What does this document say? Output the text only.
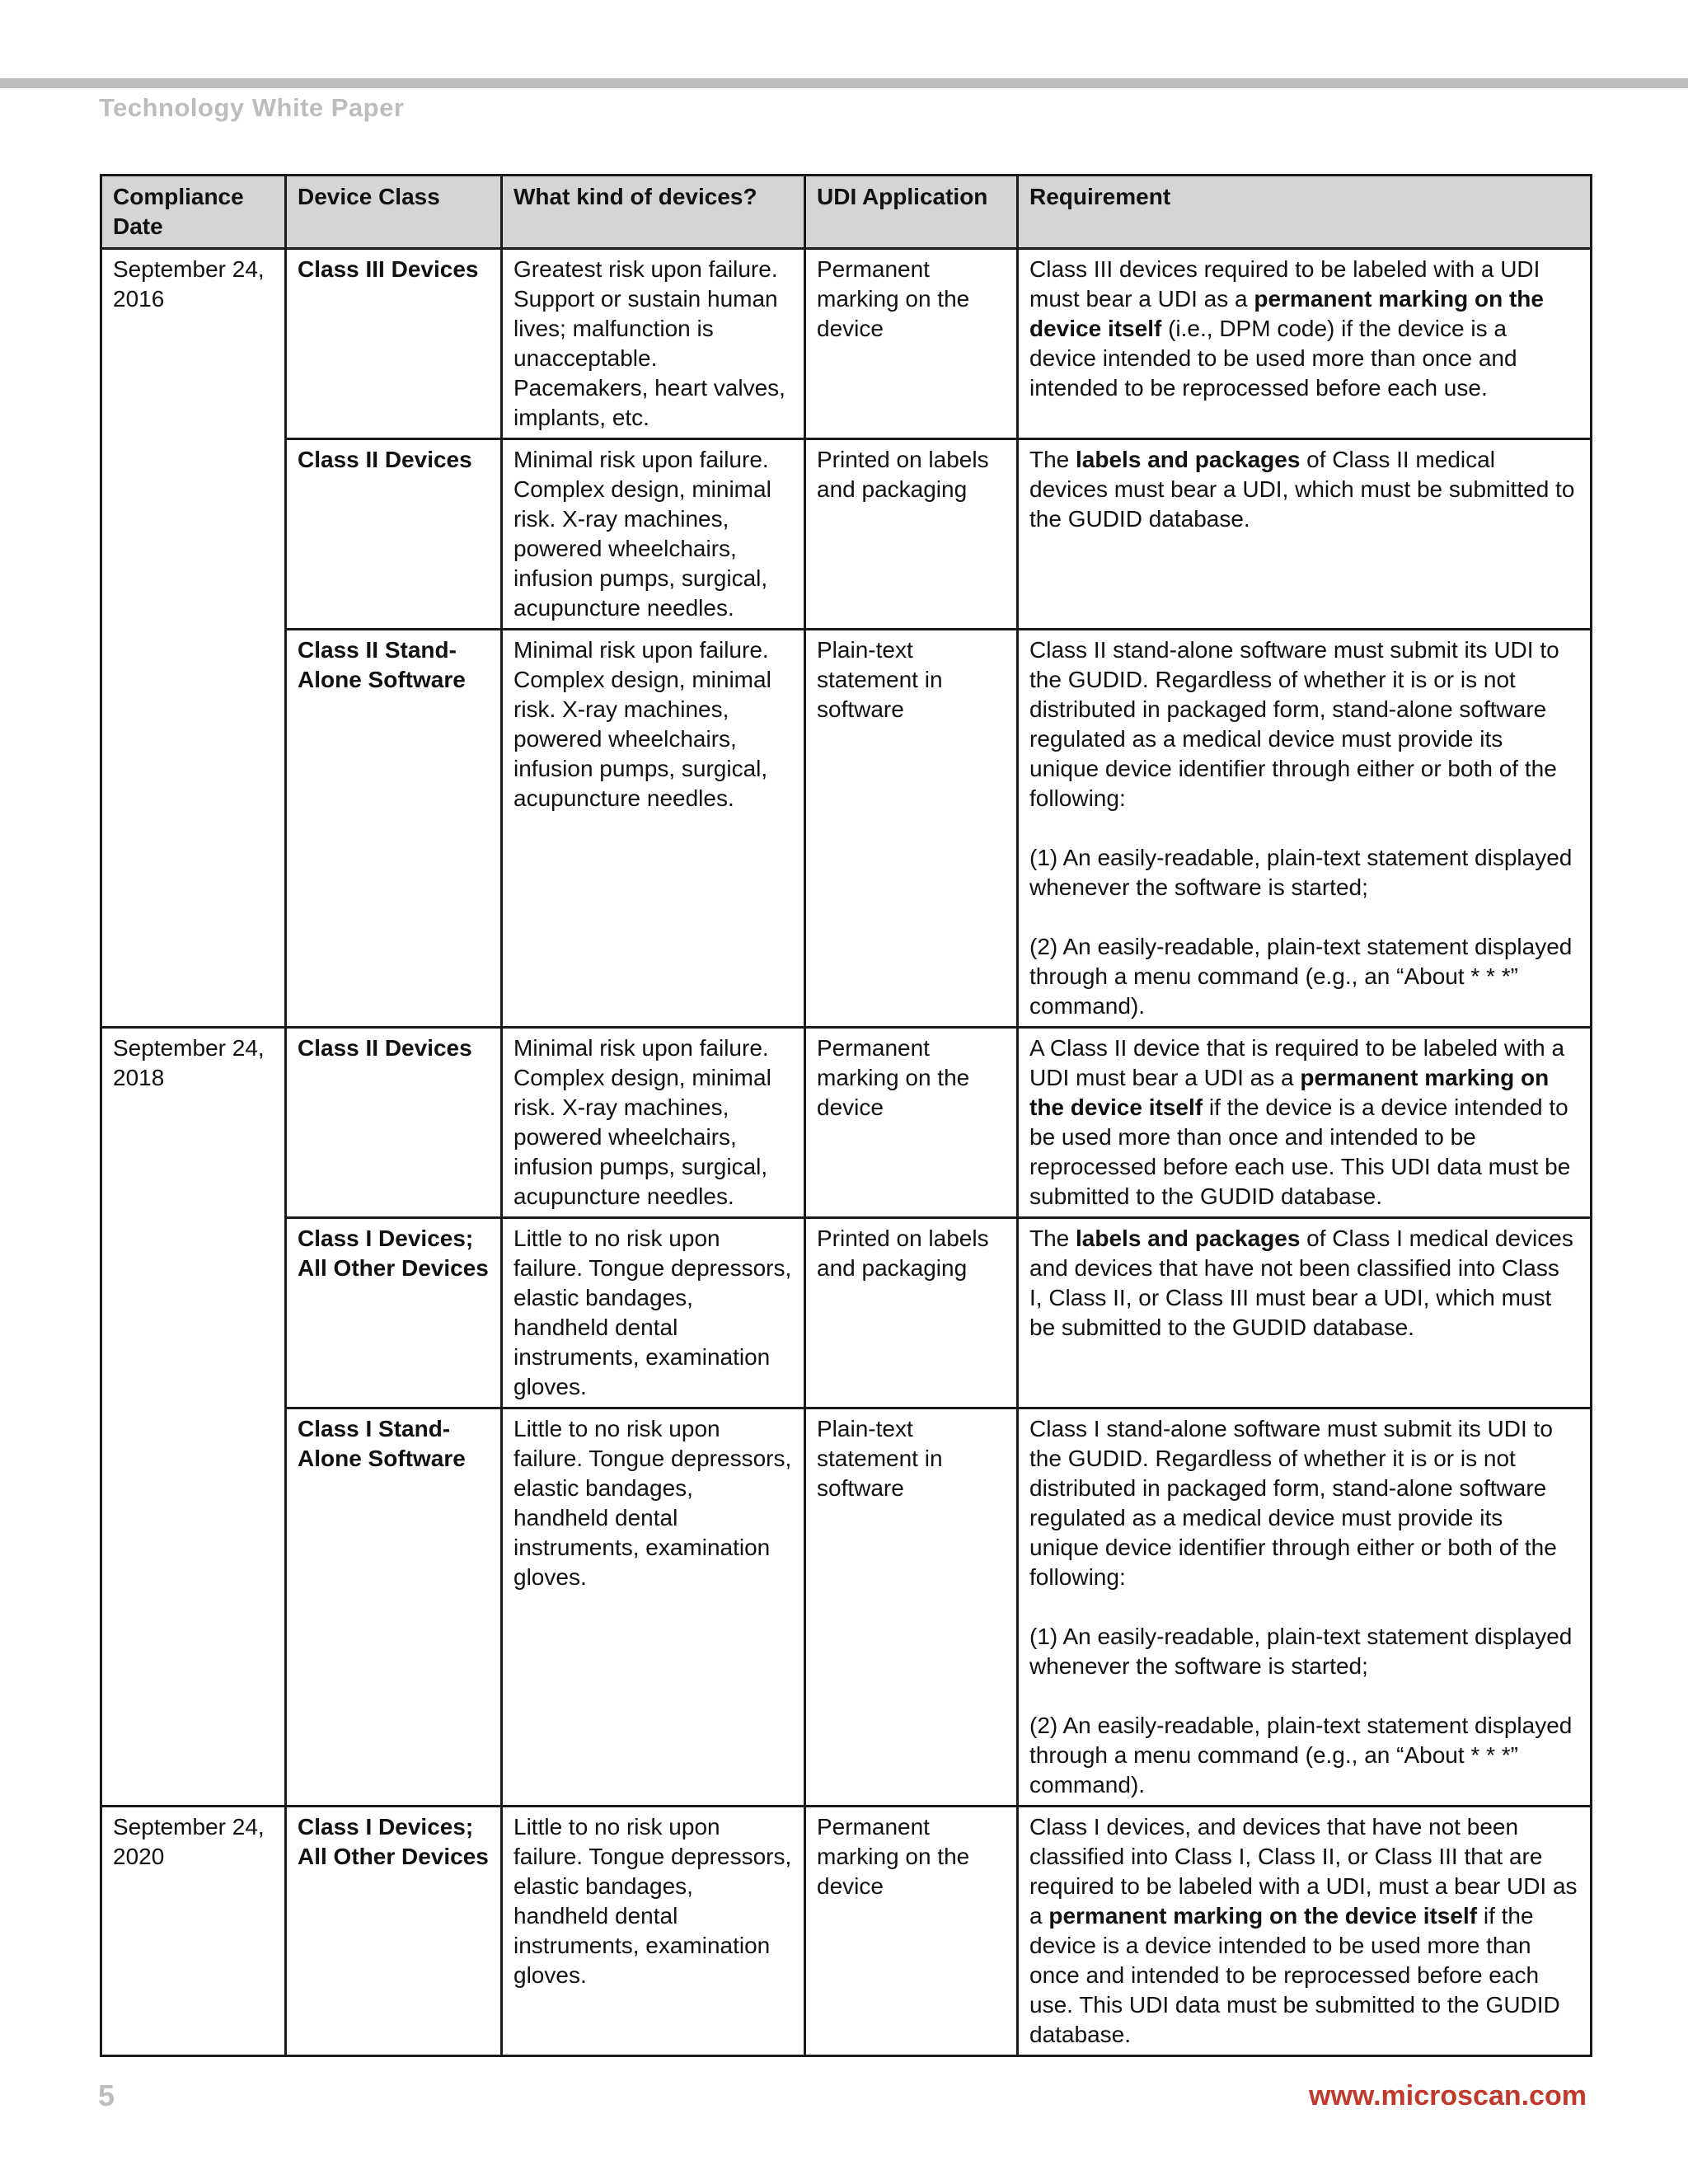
Technology White Paper
Compliance Date	Device Class	What kind of devices?	UDI Application	Requirement
September 24, 2016	Class III Devices	Greatest risk upon failure. Support or sustain human lives; malfunction is unacceptable. Pacemakers, heart valves, implants, etc.	Permanent marking on the device	Class III devices required to be labeled with a UDI must bear a UDI as a permanent marking on the device itself (i.e., DPM code) if the device is a device intended to be used more than once and intended to be reprocessed before each use.

	Class II Devices	Minimal risk upon failure. Complex design, minimal risk. X-ray machines, powered wheelchairs, infusion pumps, surgical, acupuncture needles.	Printed on labels and packaging	The labels and packages of Class II medical devices must bear a UDI, which must be submitted to the GUDID database.

	Class II Stand-Alone Software	Minimal risk upon failure. Complex design, minimal risk. X-ray machines, powered wheelchairs, infusion pumps, surgical, acupuncture needles.	Plain-text statement in software	Class II stand-alone software must submit its UDI to the GUDID. Regardless of whether it is or is not distributed in packaged form, stand-alone software regulated as a medical device must provide its unique device identifier through either or both of the following:

(1) An easily-readable, plain-text statement displayed whenever the software is started;

(2) An easily-readable, plain-text statement displayed through a menu command (e.g., an “About * * *” command).

September 24, 2018	Class II Devices	Minimal risk upon failure. Complex design, minimal risk. X-ray machines, powered wheelchairs, infusion pumps, surgical, acupuncture needles.	Permanent marking on the device	A Class II device that is required to be labeled with a UDI must bear a UDI as a permanent marking on the device itself if the device is a device intended to be used more than once and intended to be reprocessed before each use. This UDI data must be submitted to the GUDID database.

	Class I Devices; All Other Devices	Little to no risk upon failure. Tongue depressors, elastic bandages, handheld dental instruments, examination gloves.	Printed on labels and packaging	The labels and packages of Class I medical devices and devices that have not been classified into Class I, Class II, or Class III must bear a UDI, which must be submitted to the GUDID database.

	Class I Stand-Alone Software	Little to no risk upon failure. Tongue depressors, elastic bandages, handheld dental instruments, examination gloves.	Plain-text statement in software	Class I stand-alone software must submit its UDI to the GUDID. Regardless of whether it is or is not distributed in packaged form, stand-alone software regulated as a medical device must provide its unique device identifier through either or both of the following:

(1) An easily-readable, plain-text statement displayed whenever the software is started;

(2) An easily-readable, plain-text statement displayed through a menu command (e.g., an “About * * *” command).

September 24, 2020	Class I Devices; All Other Devices	Little to no risk upon failure. Tongue depressors, elastic bandages, handheld dental instruments, examination gloves.	Permanent marking on the device	Class I devices, and devices that have not been classified into Class I, Class II, or Class III that are required to be labeled with a UDI, must a bear UDI as a permanent marking on the device itself if the device is a device intended to be used more than once and intended to be reprocessed before each use. This UDI data must be submitted to the GUDID database.

5	www.microscan.com
